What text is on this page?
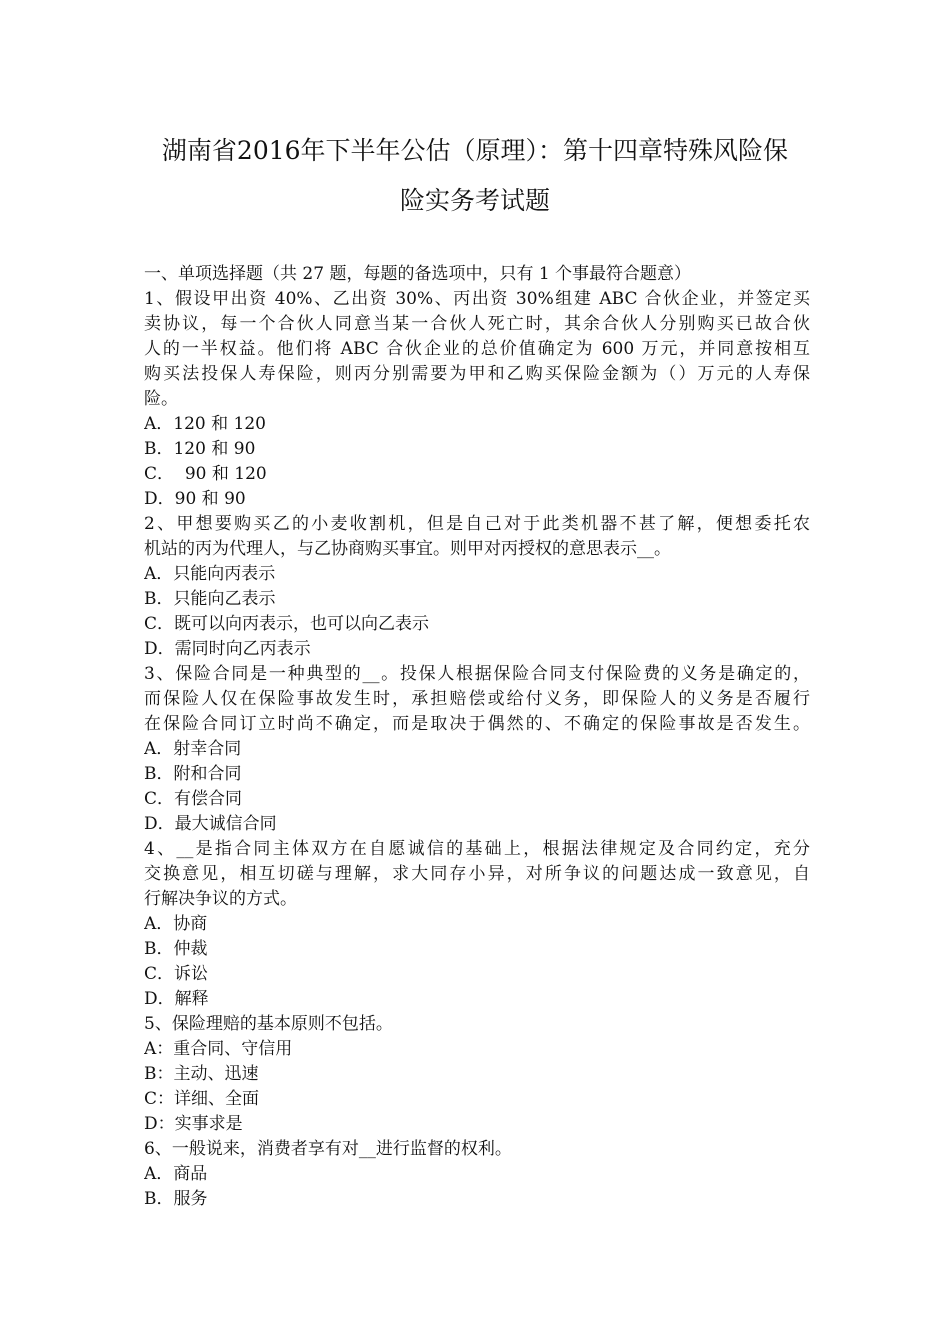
湖南省2016年下半年公估（原理）：第十四章特殊风险保
险实务考试题
一、单项选择题（共 27 题，每题的备选项中，只有 1 个事最符合题意）
1、假设甲出资 40%、乙出资 30%、丙出资 30%组建 ABC 合伙企业，并签定买
卖协议，每一个合伙人同意当某一合伙人死亡时，其余合伙人分别购买已故合伙
人的一半权益。他们将 ABC 合伙企业的总价值确定为 600 万元，并同意按相互
购买法投保人寿保险，则丙分别需要为甲和乙购买保险金额为（）万元的人寿保
险。
A．120 和 120
B．120 和 90
C．  90 和 120
D．90 和 90
2、甲想要购买乙的小麦收割机，但是自己对于此类机器不甚了解，便想委托农
机站的丙为代理人，与乙协商购买事宜。则甲对丙授权的意思表示__。
A．只能向丙表示
B．只能向乙表示
C．既可以向丙表示，也可以向乙表示
D．需同时向乙丙表示
3、保险合同是一种典型的__。投保人根据保险合同支付保险费的义务是确定的，
而保险人仅在保险事故发生时，承担赔偿或给付义务，即保险人的义务是否履行
在保险合同订立时尚不确定，而是取决于偶然的、不确定的保险事故是否发生。
A．射幸合同
B．附和合同
C．有偿合同
D．最大诚信合同
4、__是指合同主体双方在自愿诚信的基础上，根据法律规定及合同约定，充分
交换意见，相互切磋与理解，求大同存小异，对所争议的问题达成一致意见，自
行解决争议的方式。
A．协商
B．仲裁
C．诉讼
D．解释
5、保险理赔的基本原则不包括。
A：重合同、守信用
B：主动、迅速
C：详细、全面
D：实事求是
6、一般说来，消费者享有对__进行监督的权利。
A．商品
B．服务
